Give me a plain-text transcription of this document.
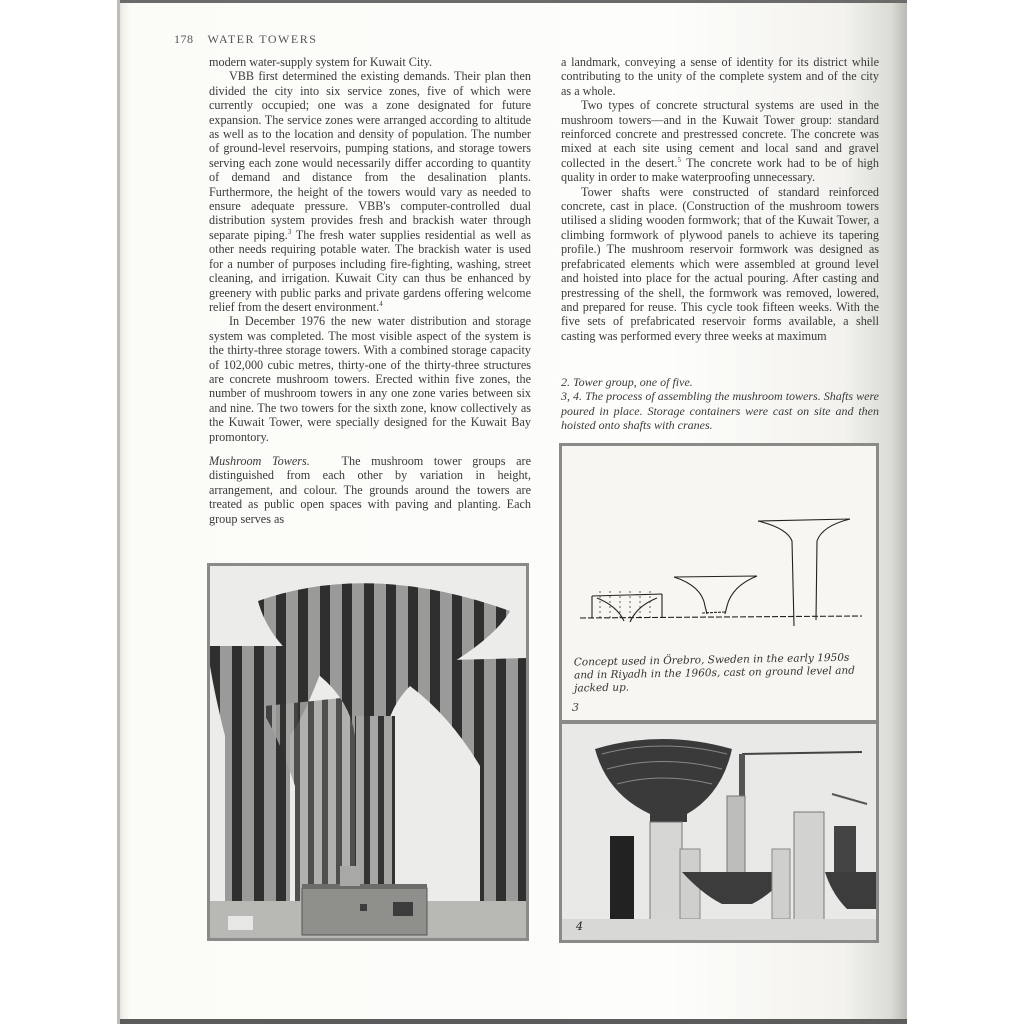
178 WATER TOWERS

modern water-supply system for Kuwait City.

VBB first determined the existing demands. Their plan then divided the city into six service zones, five of which were currently occupied; one was a zone designated for future expansion. The service zones were arranged according to altitude as well as to the location and density of population. The number of ground-level reservoirs, pumping stations, and storage towers serving each zone would necessarily differ according to quantity of demand and distance from the desalination plants. Furthermore, the height of the towers would vary as needed to ensure adequate pressure. VBB's computer-controlled dual distribution system provides fresh and brackish water through separate piping.$^3$ The fresh water supplies residential as well as other needs requiring potable water. The brackish water is used for a number of purposes including fire-fighting, washing, street cleaning, and irrigation. Kuwait City can thus be enhanced by greenery with public parks and private gardens offering welcome relief from the desert environment.$^4$

In December 1976 the new water distribution and storage system was completed. The most visible aspect of the system is the thirty-three storage towers. With a combined storage capacity of 102,000 cubic metres, thirty-one of the thirty-three structures are concrete mushroom towers. Erected within five zones, the number of mushroom towers in any one zone varies between six and nine. The two towers for the sixth zone, know collectively as the Kuwait Tower, were specially designed for the Kuwait Bay promontory.

Mushroom Towers.	The mushroom tower groups are distinguished from each other by variation in height, arrangement, and colour. The grounds around the towers are treated as public open spaces with paving and planting. Each group serves as

a landmark, conveying a sense of identity for its district while contributing to the unity of the complete system and of the city as a whole.

Two types of concrete structural systems are used in the mushroom towers—and in the Kuwait Tower group: standard reinforced concrete and prestressed concrete. The concrete was mixed at each site using cement and local sand and gravel collected in the desert.$^5$ The concrete work had to be of high quality in order to make waterproofing unnecessary.

Tower shafts were constructed of standard reinforced concrete, cast in place. (Construction of the mushroom towers utilised a sliding wooden formwork; that of the Kuwait Tower, a climbing formwork of plywood panels to achieve its tapering profile.) The mushroom reservoir formwork was designed as prefabricated elements which were assembled at ground level and hoisted into place for the actual pouring. After casting and prestressing of the shell, the formwork was removed, lowered, and prepared for reuse. This cycle took fifteen weeks. With the five sets of prefabricated reservoir forms available, a shell casting was performed every three weeks at maximum

2. Tower group, one of five.

3, 4. The process of assembling the mushroom towers. Shafts were poured in place. Storage containers were cast on site and then hoisted onto shafts with cranes.

Concept used in Örebro, Sweden in the early 1950s and in Riyadh in the 1960s, cast on ground level and jacked up.
3
4
